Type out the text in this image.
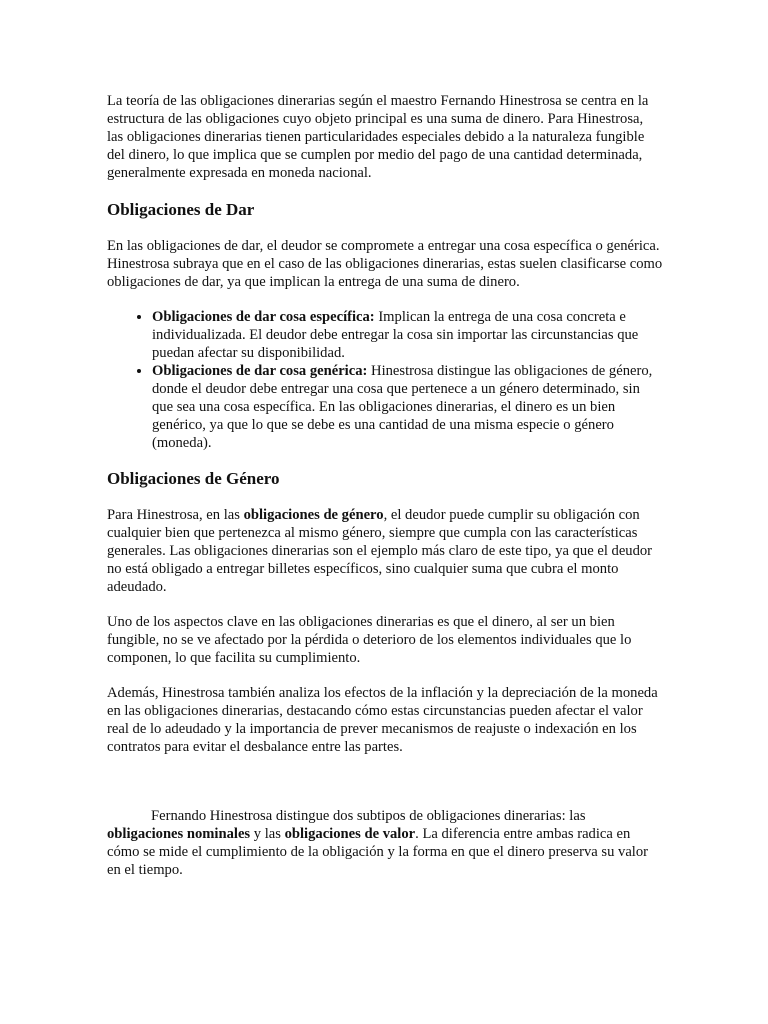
La teoría de las obligaciones dinerarias según el maestro Fernando Hinestrosa se centra en la estructura de las obligaciones cuyo objeto principal es una suma de dinero. Para Hinestrosa, las obligaciones dinerarias tienen particularidades especiales debido a la naturaleza fungible del dinero, lo que implica que se cumplen por medio del pago de una cantidad determinada, generalmente expresada en moneda nacional.

Obligaciones de Dar

En las obligaciones de dar, el deudor se compromete a entregar una cosa específica o genérica. Hinestrosa subraya que en el caso de las obligaciones dinerarias, estas suelen clasificarse como obligaciones de dar, ya que implican la entrega de una suma de dinero.

• Obligaciones de dar cosa específica: Implican la entrega de una cosa concreta e individualizada. El deudor debe entregar la cosa sin importar las circunstancias que puedan afectar su disponibilidad.
• Obligaciones de dar cosa genérica: Hinestrosa distingue las obligaciones de género, donde el deudor debe entregar una cosa que pertenece a un género determinado, sin que sea una cosa específica. En las obligaciones dinerarias, el dinero es un bien genérico, ya que lo que se debe es una cantidad de una misma especie o género (moneda).
Obligaciones de Género

Para Hinestrosa, en las obligaciones de género, el deudor puede cumplir su obligación con cualquier bien que pertenezca al mismo género, siempre que cumpla con las características generales. Las obligaciones dinerarias son el ejemplo más claro de este tipo, ya que el deudor no está obligado a entregar billetes específicos, sino cualquier suma que cubra el monto adeudado.

Uno de los aspectos clave en las obligaciones dinerarias es que el dinero, al ser un bien fungible, no se ve afectado por la pérdida o deterioro de los elementos individuales que lo componen, lo que facilita su cumplimiento.

Además, Hinestrosa también analiza los efectos de la inflación y la depreciación de la moneda en las obligaciones dinerarias, destacando cómo estas circunstancias pueden afectar el valor real de lo adeudado y la importancia de prever mecanismos de reajuste o indexación en los contratos para evitar el desbalance entre las partes.

Fernando Hinestrosa distingue dos subtipos de obligaciones dinerarias: las obligaciones nominales y las obligaciones de valor. La diferencia entre ambas radica en cómo se mide el cumplimiento de la obligación y la forma en que el dinero preserva su valor en el tiempo.
